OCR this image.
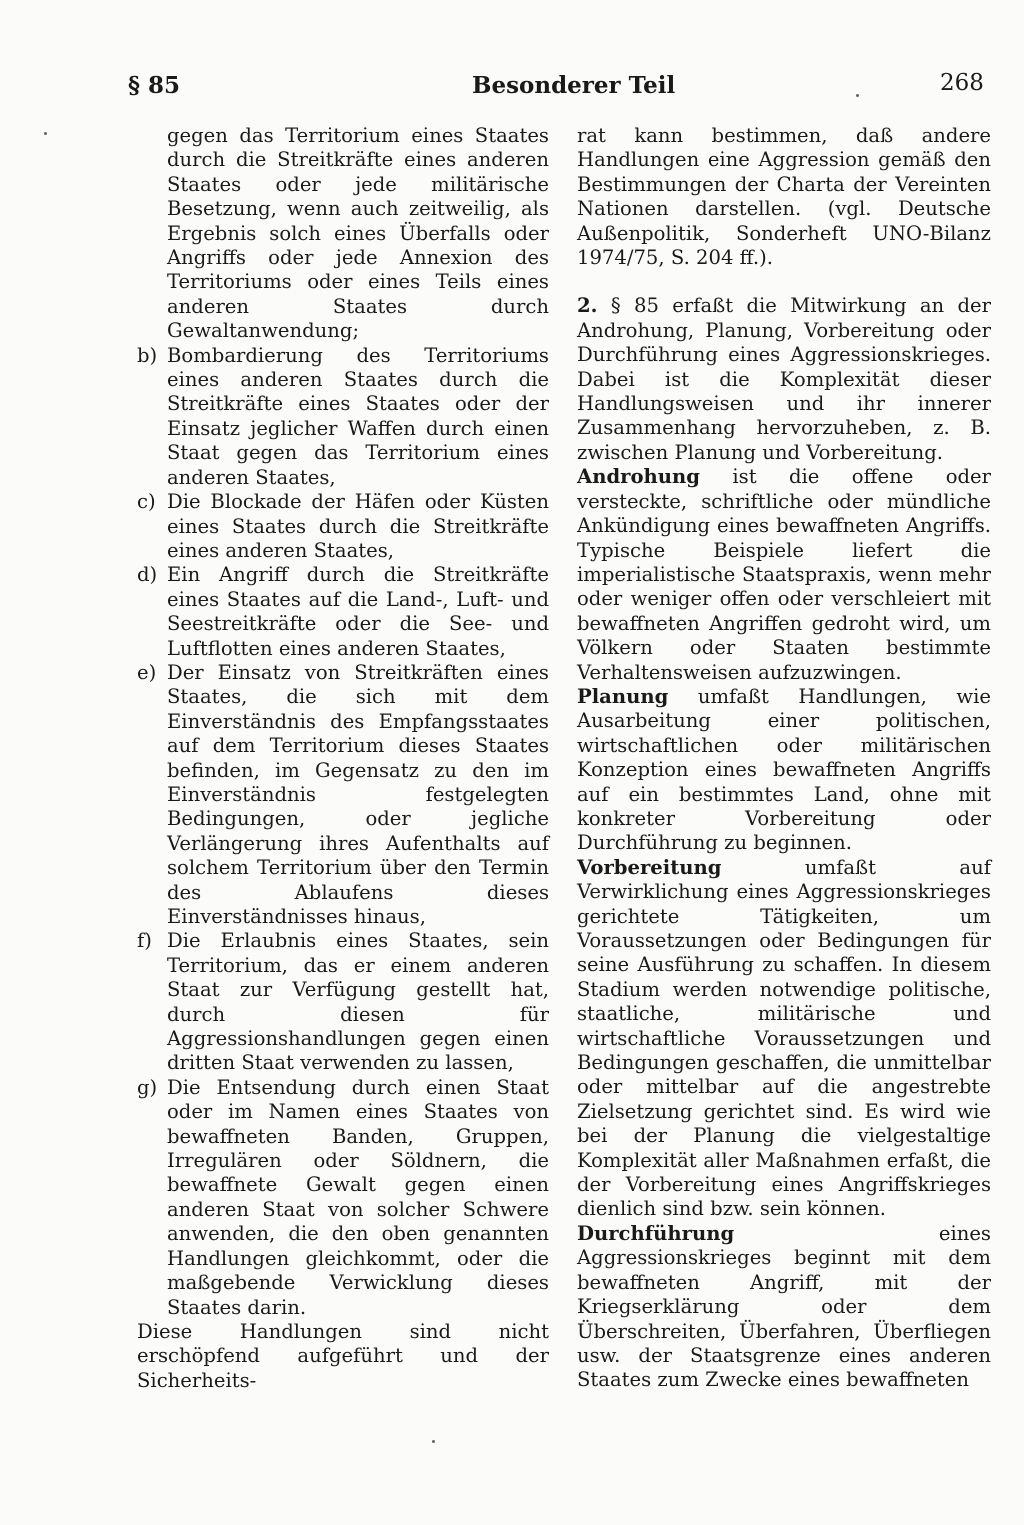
§ 85	Besonderer Teil	268
gegen das Territorium eines Staates durch die Streitkräfte eines anderen Staates oder jede militärische Besetzung, wenn auch zeitweilig, als Ergebnis solch eines Überfalls oder Angriffs oder jede Annexion des Territoriums oder eines Teils eines anderen Staates durch Gewaltanwendung;
b) Bombardierung des Territoriums eines anderen Staates durch die Streitkräfte eines Staates oder der Einsatz jeglicher Waffen durch einen Staat gegen das Territorium eines anderen Staates,
c) Die Blockade der Häfen oder Küsten eines Staates durch die Streitkräfte eines anderen Staates,
d) Ein Angriff durch die Streitkräfte eines Staates auf die Land-, Luft- und Seestreitkräfte oder die See- und Luftflotten eines anderen Staates,
e) Der Einsatz von Streitkräften eines Staates, die sich mit dem Einverständnis des Empfangsstaates auf dem Territorium dieses Staates befinden, im Gegensatz zu den im Einverständnis festgelegten Bedingungen, oder jegliche Verlängerung ihres Aufenthalts auf solchem Territorium über den Termin des Ablaufens dieses Einverständnisses hinaus,
f) Die Erlaubnis eines Staates, sein Territorium, das er einem anderen Staat zur Verfügung gestellt hat, durch diesen für Aggressionshandlungen gegen einen dritten Staat verwenden zu lassen,
g) Die Entsendung durch einen Staat oder im Namen eines Staates von bewaffneten Banden, Gruppen, Irregulären oder Söldnern, die bewaffnete Gewalt gegen einen anderen Staat von solcher Schwere anwenden, die den oben genannten Handlungen gleichkommt, oder die maßgebende Verwicklung dieses Staates darin.
Diese Handlungen sind nicht erschöpfend aufgeführt und der Sicherheits-
rat kann bestimmen, daß andere Handlungen eine Aggression gemäß den Bestimmungen der Charta der Vereinten Nationen darstellen. (vgl. Deutsche Außenpolitik, Sonderheft UNO-Bilanz 1974/75, S. 204 ff.).
2. § 85 erfaßt die Mitwirkung an der Androhung, Planung, Vorbereitung oder Durchführung eines Aggressionskrieges. Dabei ist die Komplexität dieser Handlungsweisen und ihr innerer Zusammenhang hervorzuheben, z. B. zwischen Planung und Vorbereitung.
Androhung ist die offene oder versteckte, schriftliche oder mündliche Ankündigung eines bewaffneten Angriffs. Typische Beispiele liefert die imperialistische Staatspraxis, wenn mehr oder weniger offen oder verschleiert mit bewaffneten Angriffen gedroht wird, um Völkern oder Staaten bestimmte Verhaltensweisen aufzuzwingen.
Planung umfaßt Handlungen, wie Ausarbeitung einer politischen, wirtschaftlichen oder militärischen Konzeption eines bewaffneten Angriffs auf ein bestimmtes Land, ohne mit konkreter Vorbereitung oder Durchführung zu beginnen.
Vorbereitung	umfaßt auf Verwirklichung eines Aggressionskrieges gerichtete Tätigkeiten, um Voraussetzungen oder Bedingungen für seine Ausführung zu schaffen. In diesem Stadium werden notwendige politische, staatliche, militärische und wirtschaftliche Voraussetzungen und Bedingungen geschaffen, die unmittelbar oder mittelbar auf die angestrebte Zielsetzung gerichtet sind. Es wird wie bei der Planung die vielgestaltige Komplexität aller Maßnahmen erfaßt, die der Vorbereitung eines Angriffskrieges dienlich sind bzw. sein können.
Durchführung	eines Aggressionskrieges beginnt mit dem bewaffneten Angriff, mit der Kriegserklärung oder dem Überschreiten, Überfahren, Überfliegen usw. der Staatsgrenze eines anderen Staates zum Zwecke eines bewaffneten
